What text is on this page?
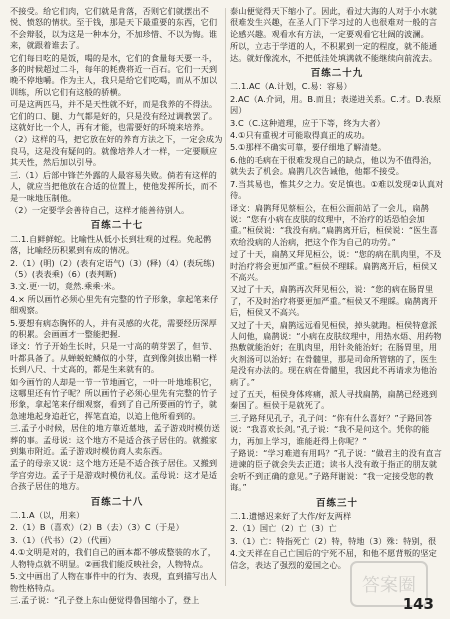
不接受。给它们肉，它们就是肯落，否则它们就摆出不悦、愤怒的情状。至于钱，那是天下最重要的东西，它们不会辩驳，以为这是一种本分，不加珍惜、不以为悔。谁来，就跟着谁去了。
它们每日吃的是饭，喝的是水，它们的食量每天要一斗，多的时候超过二斗，每年的耗费将近一百石。它们一天到晚不停地嚼。作为主人，我只是给它们吃喝，而从不加以训练，所以它们有这般的骄横。
可是这两匹马，并不是天性就不好，而是我养的不得法。它们的口、腿、力气都是好的，只是没有经过调教罢了。这就好比一个人，再有才能，也需要好的环境来培养。
（2）这样的马，把它放在好的养育方法之下，一定会成为良马，这是没有疑问的。就像培养人才一样，一定要顺应其天性，然后加以引导。
三.（1）后部中锋芒外露的人最容易失败。倘若有这样的人，就应当把他放在合适的位置上，使他发挥所长，而不是一味地压制他。
（2）一定要学会善待自己，这样才能善待别人。
百练二十七
二.1.自鲜鲜蛇。比喻性从低小长到壮观的过程。免起鹘落，比喻经历积累到有成的情况。
2.（1）(明)（2）(表有定语气)（3）(释)（4）(表玩练)（5）(表表乘)（6）(表判断)
3.文.更·一切，竟然.乘乘·米。
4.× 所以画竹必须心里先有完整的竹子形象，拿起笔来仔细观察。
5.要想有病态胸怀的人，并有灵感的火花，需要经历深厚的积累。会画画才一整能把握.
译文：竹子开始生长时，只是一寸高的萌芽罢了，但节、叶都具备了。从蝉蜕蛇鳞似的小芽，直到像剑拔出鞘一样长到八尺、十丈高的，都是生来就有的。
如今画竹的人却是一节一节地画它，一叶一叶地堆积它，这哪里还有竹子呢？所以画竹子必须心里先有完整的竹子形象，拿起笔来仔细观察，看到了自己所要画的竹子，就急速地起身追赶它，挥笔直追，以追上他所看到的。
三.孟子小时候，居住的地方靠近墓地，孟子游戏时模仿送葬的事。孟母说：这个地方不是适合孩子居住的。就搬家到集市附近。孟子游戏时模仿商人卖东西。
孟子的母亲又说：这个地方还是不适合孩子居住。又搬到学宫旁边。孟子于是游戏时模仿礼仪。孟母说：这才是适合孩子居住的地方。
百练二十八
二.1.A（以，用来）
2.（1）B（喜欢）（2）B（去）（3）C（于是）
3.（1）（代书）（2）（代画）
4.①文明是对的，我们自己的画本都不够成整装的水了，人物特点就不明显。②画我们能反映社会，人物特点。
5.文中画出了人物在事件中的行为、表现，直到描写出人物性格特点。
三.孟子说：“孔子登上东山便觉得鲁国缩小了，登上
泰山便觉得天下缩小了。因此，看过大海的人对于小水就很难发生兴趣，在圣人门下学习过的人也很难对一般的言论感兴趣。观看水有方法，一定要观看它壮阔的波澜。
所以，立志于学道的人，不积累到一定的程度，就不能通达。就好像流水，不把低洼处填满就不能继续向前流去。
百练二十九
二.1.AC（A.计划，C.易：容易）
2.AC（A.介词，用。B.而且；表递进关系。C.才。D.表原因）
3.C（C.这种道理，应于下等，终为大者）
4.①只有重视才可能取得真正的成功。
5.①那样不确实可靠，要仔细地了解清楚。
6.他的毛病在于很难发现自己的缺点，他以为不值得治，就失去了机会。扁鹊几次告诫他，他都不接受。
7.当其易也，惟其夕之力。安足慎也。①难以发现②认真对待。
译文：扁鹊拜见蔡桓公，在桓公面前站了一会儿，扁鹊说：“您有小病在皮肤的纹理中，不治疗的话恐怕会加重。”桓侯说：“我没有病。”扁鹊离开后，桓侯说：“医生喜欢给没病的人治病，把这个作为自己的功劳。”
过了十天，扁鹊又拜见桓公，说：“您的病在肌肉里，不及时治疗将会更加严重。”桓侯不理睬。扁鹊离开后，桓侯又不高兴。
又过了十天，扁鹊再次拜见桓公，说：“您的病在肠胃里了，不及时治疗将要更加严重。”桓侯又不理睬。扁鹊离开后，桓侯又不高兴。
又过了十天，扁鹊远远看见桓侯，掉头就跑。桓侯特意派人问他，扁鹊说：“小病在皮肤纹理中，用热水焐、用药物热敷就能治好；在肌肉里，用针灸能治好；在肠胃里，用火剂汤可以治好；在骨髓里，那是司命所管辖的了，医生是没有办法的。现在病在骨髓里，我因此不再请求为他治病了。”
过了五天，桓侯身体疼痛，派人寻找扁鹊，扁鹊已经逃到秦国了。桓侯于是就死了。
三.子路拜见孔子，孔子问：“你有什么喜好？”子路回答说：“我喜欢长剑。”孔子说：“我不是问这个。凭你的能力，再加上学习，谁能赶得上你呢？”
子路说：“学习难道有用吗？”孔子说：“做君主的没有直言进谏的臣子就会失去正道；读书人没有敢于指正的朋友就会听不到正确的意见。”子路拜谢说：“我一定接受您的教诲。”
百练三十
二.1.遗憾迟来好了大作/好友两样
2.（1）国亡（2）亡（3）亡
3.（1）亡：特指死亡（2）特，特地（3）殊：特别，很
4.文天祥在自己亡国后的宁死不屈，和他不愿背叛的坚定信念，表达了强烈的爱国之心。
答案圈
143
